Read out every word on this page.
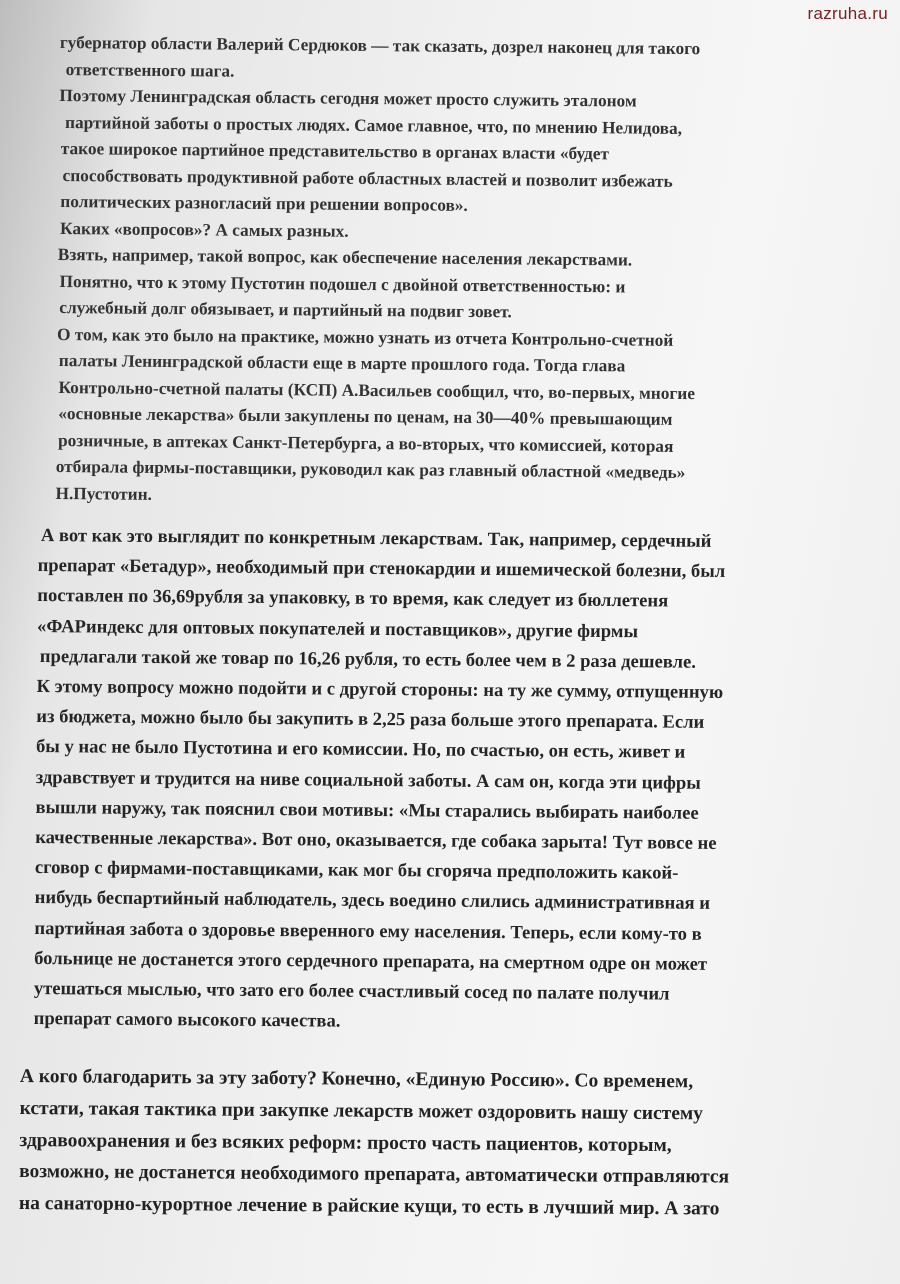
razruha.ru
губернатор области Валерий Сердюков — так сказать, дозрел наконец для такого
ответственного шага.
Поэтому Ленинградская область сегодня может просто служить эталоном
партийной заботы о простых людях. Самое главное, что, по мнению Нелидова,
такое широкое партийное представительство в органах власти «будет
способствовать продуктивной работе областных властей и позволит избежать
политических разногласий при решении вопросов».
Каких «вопросов»? А самых разных.
Взять, например, такой вопрос, как обеспечение населения лекарствами.
Понятно, что к этому Пустотин подошел с двойной ответственностью: и
служебный долг обязывает, и партийный на подвиг зовет.
О том, как это было на практике, можно узнать из отчета Контрольно-счетной
палаты Ленинградской области еще в марте прошлого года. Тогда глава
Контрольно-счетной палаты (КСП) А.Васильев сообщил, что, во-первых, многие
«основные лекарства» были закуплены по ценам, на 30—40% превышающим
розничные, в аптеках Санкт-Петербурга, а во-вторых, что комиссией, которая
отбирала фирмы-поставщики, руководил как раз главный областной «медведь»
Н.Пустотин.
А вот как это выглядит по конкретным лекарствам. Так, например, сердечный
препарат «Бетадур», необходимый при стенокардии и ишемической болезни, был
поставлен по 36,69рубля за упаковку, в то время, как следует из бюллетеня
«ФАРиндекс для оптовых покупателей и поставщиков», другие фирмы
предлагали такой же товар по 16,26 рубля, то есть более чем в 2 раза дешевле.
К этому вопросу можно подойти и с другой стороны: на ту же сумму, отпущенную
из бюджета, можно было бы закупить в 2,25 раза больше этого препарата. Если
бы у нас не было Пустотина и его комиссии. Но, по счастью, он есть, живет и
здравствует и трудится на ниве социальной заботы. А сам он, когда эти цифры
вышли наружу, так пояснил свои мотивы: «Мы старались выбирать наиболее
качественные лекарства». Вот оно, оказывается, где собака зарыта! Тут вовсе не
сговор с фирмами-поставщиками, как мог бы сгоряча предположить какой-
нибудь беспартийный наблюдатель, здесь воедино слились административная и
партийная забота о здоровье вверенного ему населения. Теперь, если кому-то в
больнице не достанется этого сердечного препарата, на смертном одре он может
утешаться мыслью, что зато его более счастливый сосед по палате получил
препарат самого высокого качества.
А кого благодарить за эту заботу? Конечно, «Единую Россию». Со временем,
кстати, такая тактика при закупке лекарств может оздоровить нашу систему
здравоохранения и без всяких реформ: просто часть пациентов, которым,
возможно, не достанется необходимого препарата, автоматически отправляются
на санаторно-курортное лечение в райские кущи, то есть в лучший мир. А зато
